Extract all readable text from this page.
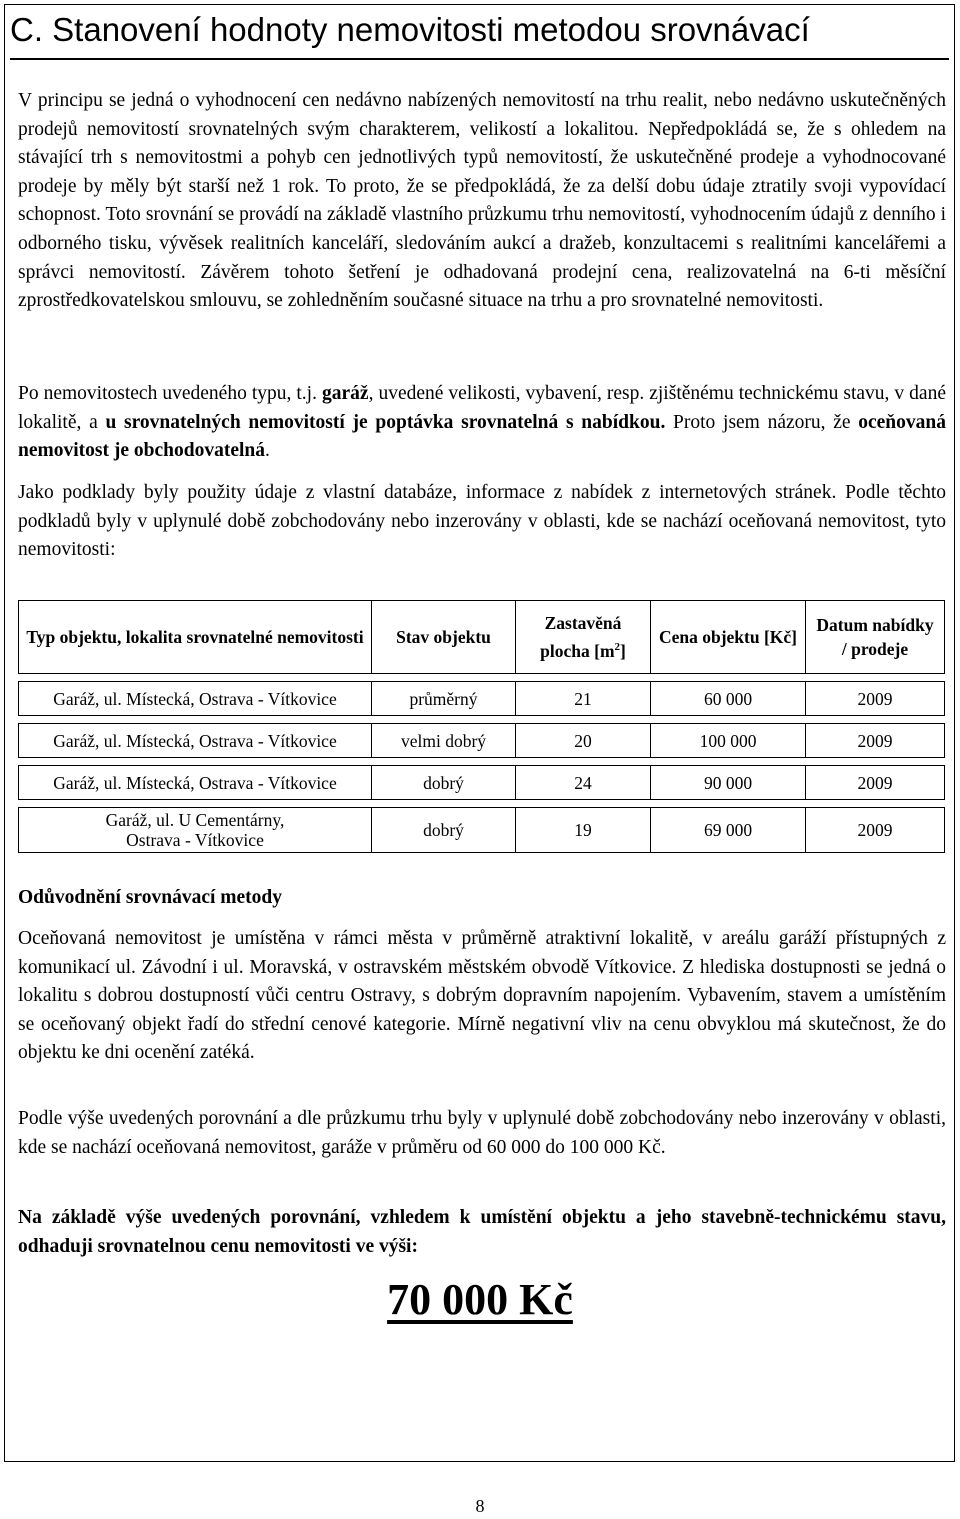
C. Stanovení hodnoty nemovitosti metodou srovnávací
V principu se jedná o vyhodnocení cen nedávno nabízených nemovitostí na trhu realit, nebo nedávno uskutečněných prodejů nemovitostí srovnatelných svým charakterem, velikostí a lokalitou. Nepředpokládá se, že s ohledem na stávající trh s nemovitostmi a pohyb cen jednotlivých typů nemovitostí, že uskutečněné prodeje a vyhodnocované prodeje by měly být starší než 1 rok. To proto, že se předpokládá, že za delší dobu údaje ztratily svoji vypovídací schopnost. Toto srovnání se provádí na základě vlastního průzkumu trhu nemovitostí, vyhodnocením údajů z denního i odborného tisku, vývěsek realitních kanceláří, sledováním aukcí a dražeb, konzultacemi s realitními kancelářemi a správci nemovitostí. Závěrem tohoto šetření je odhadovaná prodejní cena, realizovatelná na 6-ti měsíční zprostředkovatelskou smlouvu, se zohledněním současné situace na trhu a pro srovnatelné nemovitosti.
Po nemovitostech uvedeného typu, t.j. garáž, uvedené velikosti, vybavení, resp. zjištěnému technickému stavu, v dané lokalitě, a u srovnatelných nemovitostí je poptávka srovnatelná s nabídkou. Proto jsem názoru, že oceňovaná nemovitost je obchodovatelná.
Jako podklady byly použity údaje z vlastní databáze, informace z nabídek z internetových stránek. Podle těchto podkladů byly v uplynulé době zobchodovány nebo inzerovány v oblasti, kde se nachází oceňovaná nemovitost, tyto nemovitosti:
Typ objektu, lokalita srovnatelné nemovitosti	Stav objektu	Zastavěná plocha $[m^2]$	Cena objektu [Kč]	Datum nabídky / prodeje
Garáž, ul. Místecká, Ostrava - Vítkovice	průměrný	21	60 000	2009
Garáž, ul. Místecká, Ostrava - Vítkovice	velmi dobrý	20	100 000	2009
Garáž, ul. Místecká, Ostrava - Vítkovice	dobrý	24	90 000	2009
Garáž, ul. U Cementárny, Ostrava - Vítkovice	dobrý	19	69 000	2009
Odůvodnění srovnávací metody
Oceňovaná nemovitost je umístěna v rámci města v průměrně atraktivní lokalitě, v areálu garáží přístupných z komunikací ul. Závodní i ul. Moravská, v ostravském městském obvodě Vítkovice. Z hlediska dostupnosti se jedná o lokalitu s dobrou dostupností vůči centru Ostravy, s dobrým dopravním napojením. Vybavením, stavem a umístěním se oceňovaný objekt řadí do střední cenové kategorie. Mírně negativní vliv na cenu obvyklou má skutečnost, že do objektu ke dni ocenění zatéká.
Podle výše uvedených porovnání a dle průzkumu trhu byly v uplynulé době zobchodovány nebo inzerovány v oblasti, kde se nachází oceňovaná nemovitost, garáže v průměru od 60 000 do 100 000 Kč.
Na základě výše uvedených porovnání, vzhledem k umístění objektu a jeho stavebně-technickému stavu, odhaduji srovnatelnou cenu nemovitosti ve výši:
70 000 Kč
8
